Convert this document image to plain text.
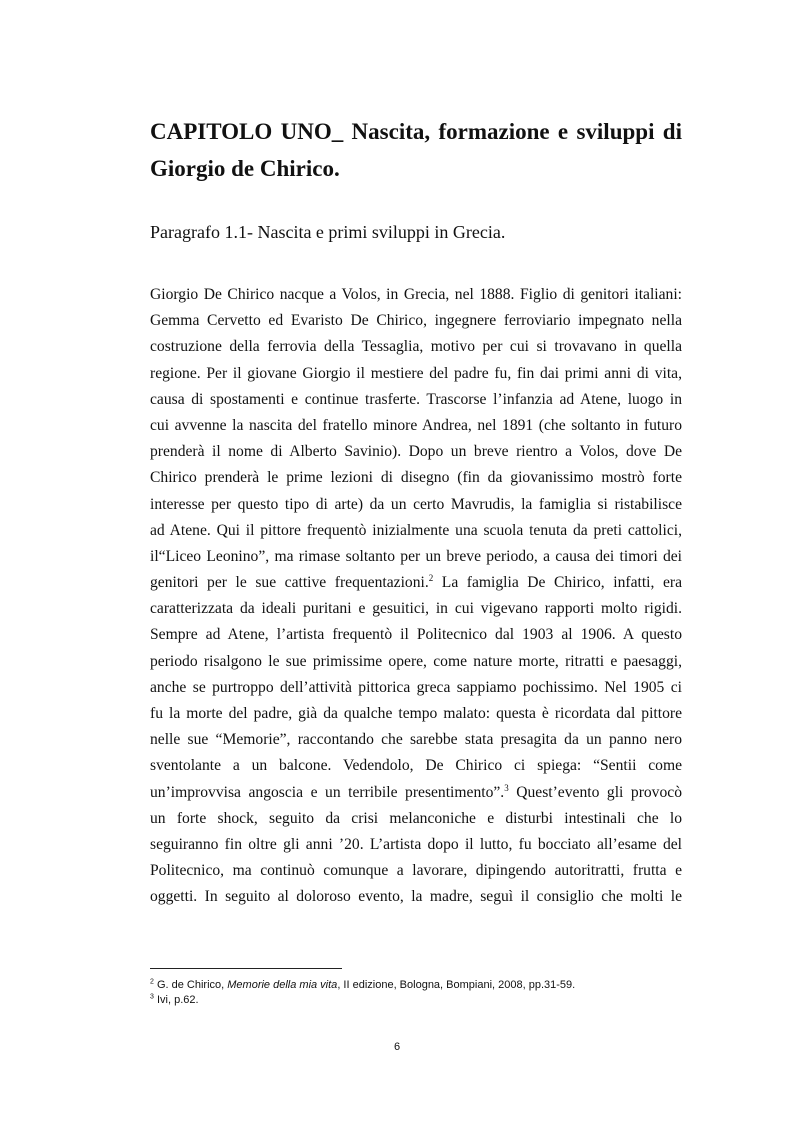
CAPITOLO UNO_ Nascita, formazione e sviluppi di
Giorgio de Chirico.
Paragrafo 1.1- Nascita e primi sviluppi in Grecia.
Giorgio De Chirico nacque a Volos, in Grecia, nel 1888. Figlio di genitori italiani:
Gemma Cervetto ed Evaristo De Chirico, ingegnere ferroviario impegnato nella
costruzione della ferrovia della Tessaglia, motivo per cui si trovavano in quella
regione. Per il giovane Giorgio il mestiere del padre fu, fin dai primi anni di vita,
causa di spostamenti e continue trasferte. Trascorse l’infanzia ad Atene, luogo in
cui avvenne la nascita del fratello minore Andrea, nel 1891 (che soltanto in futuro
prenderà il nome di Alberto Savinio). Dopo un breve rientro a Volos, dove De
Chirico prenderà le prime lezioni di disegno (fin da giovanissimo mostrò forte
interesse per questo tipo di arte) da un certo Mavrudis, la famiglia si ristabilisce
ad Atene. Qui il pittore frequentò inizialmente una scuola tenuta da preti cattolici,
il“Liceo Leonino”, ma rimase soltanto per un breve periodo, a causa dei timori dei
genitori per le sue cattive frequentazioni.$^2$ La famiglia De Chirico, infatti, era
caratterizzata da ideali puritani e gesuitici, in cui vigevano rapporti molto rigidi.
Sempre ad Atene, l’artista frequentò il Politecnico dal 1903 al 1906. A questo
periodo risalgono le sue primissime opere, come nature morte, ritratti e paesaggi,
anche se purtroppo dell’attività pittorica greca sappiamo pochissimo. Nel 1905 ci
fu la morte del padre, già da qualche tempo malato: questa è ricordata dal pittore
nelle sue “Memorie”, raccontando che sarebbe stata presagita da un panno nero
sventolante a un balcone. Vedendolo, De Chirico ci spiega: “Sentii come
un’improvvisa angoscia e un terribile presentimento”.$^3$ Quest’evento gli provocò
un forte shock, seguito da crisi melanconiche e disturbi intestinali che lo
seguiranno fin oltre gli anni ’20. L’artista dopo il lutto, fu bocciato all’esame del
Politecnico, ma continuò comunque a lavorare, dipingendo autoritratti, frutta e
oggetti. In seguito al doloroso evento, la madre, seguì il consiglio che molti le
$^2$ G. de Chirico, Memorie della mia vita, II edizione, Bologna, Bompiani, 2008, pp.31-59.
$^3$ Ivi, p.62.
6
